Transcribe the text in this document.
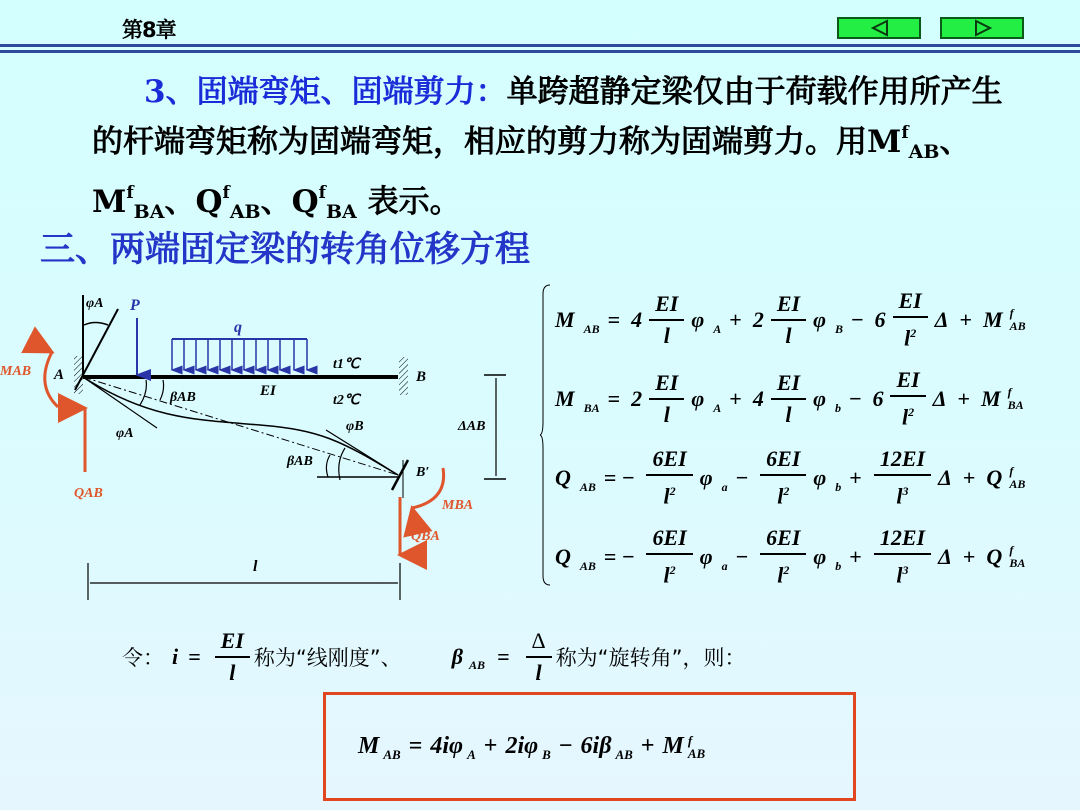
第8章
3、固端弯矩、固端剪力：单跨超静定梁仅由于荷载作用所产生的杆端弯矩称为固端弯矩，相应的剪力称为固端剪力。用$M^f_{AB}$、 $M^f_{BA}$、$Q^f_{AB}$、$Q^f_{BA}$ 表示。
三、两端固定梁的转角位移方程
φA P
q
MAB A
t1℃
B
βAB	EI
t2℃
φA	φB	ΔAB
βAB
B′
QAB
MBA
QBA
l
M AB = $4 \frac{EI}{l}$ φ $A + 2 \frac{EI}{l}$ φ $B - 6 \frac{EI}{l^2}$ Δ + M f
AB
M BA = $2 \frac{EI}{l}$ φ $A + 4 \frac{EI}{l}$ φ $b - 6 \frac{EI}{l^2}$ Δ + M f
BA
Q AB = − $\frac{6EI}{l^2}$ φ $a - \frac{6EI}{l^2}$ φ $b + \frac{12EI}{l^3}$ Δ + Q f
AB
Q AB = − $\frac{6EI}{l^2}$ φ $a - \frac{6EI}{l^2}$ φ $b + \frac{12EI}{l^3}$ Δ + Q f
BA
令： $i = \frac{EI}{l}$ 称为“线刚度”、 β AB = $\frac{\Delta}{l}$ 称为“旋转角”，则：
M AB = 4iφ A + 2iφ B − 6iβ AB + M f
AB
